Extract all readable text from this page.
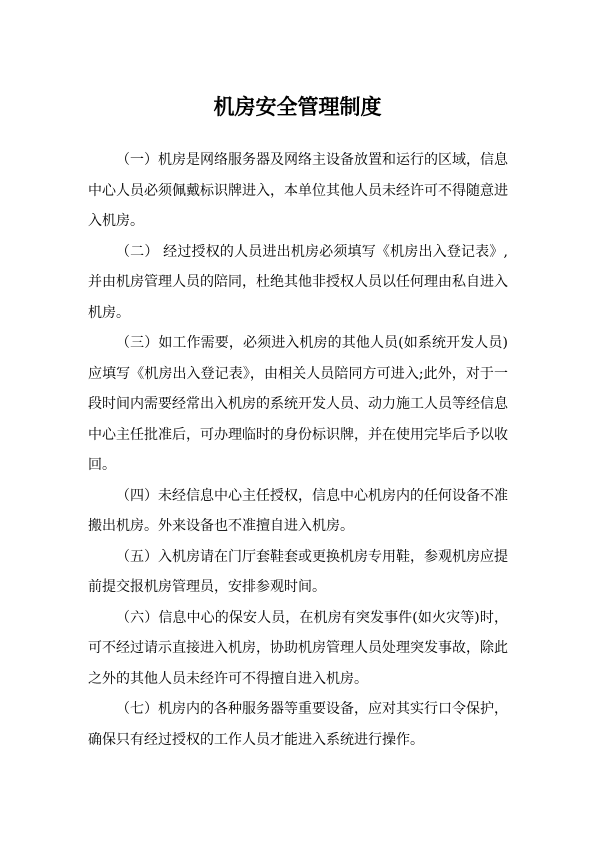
机房安全管理制度

（一）机房是网络服务器及网络主设备放置和运行的区域，信息中心人员必须佩戴标识牌进入，本单位其他人员未经许可不得随意进入机房。

（二） 经过授权的人员进出机房必须填写《机房出入登记表》,并由机房管理人员的陪同，杜绝其他非授权人员以任何理由私自进入机房。

（三）如工作需要，必须进入机房的其他人员(如系统开发人员)应填写《机房出入登记表》，由相关人员陪同方可进入;此外，对于一段时间内需要经常出入机房的系统开发人员、动力施工人员等经信息中心主任批准后，可办理临时的身份标识牌，并在使用完毕后予以收回。

（四）未经信息中心主任授权，信息中心机房内的任何设备不准搬出机房。外来设备也不准擅自进入机房。

（五）入机房请在门厅套鞋套或更换机房专用鞋，参观机房应提前提交报机房管理员，安排参观时间。

（六）信息中心的保安人员，在机房有突发事件(如火灾等)时，可不经过请示直接进入机房，协助机房管理人员处理突发事故，除此之外的其他人员未经许可不得擅自进入机房。

（七）机房内的各种服务器等重要设备，应对其实行口令保护，确保只有经过授权的工作人员才能进入系统进行操作。
